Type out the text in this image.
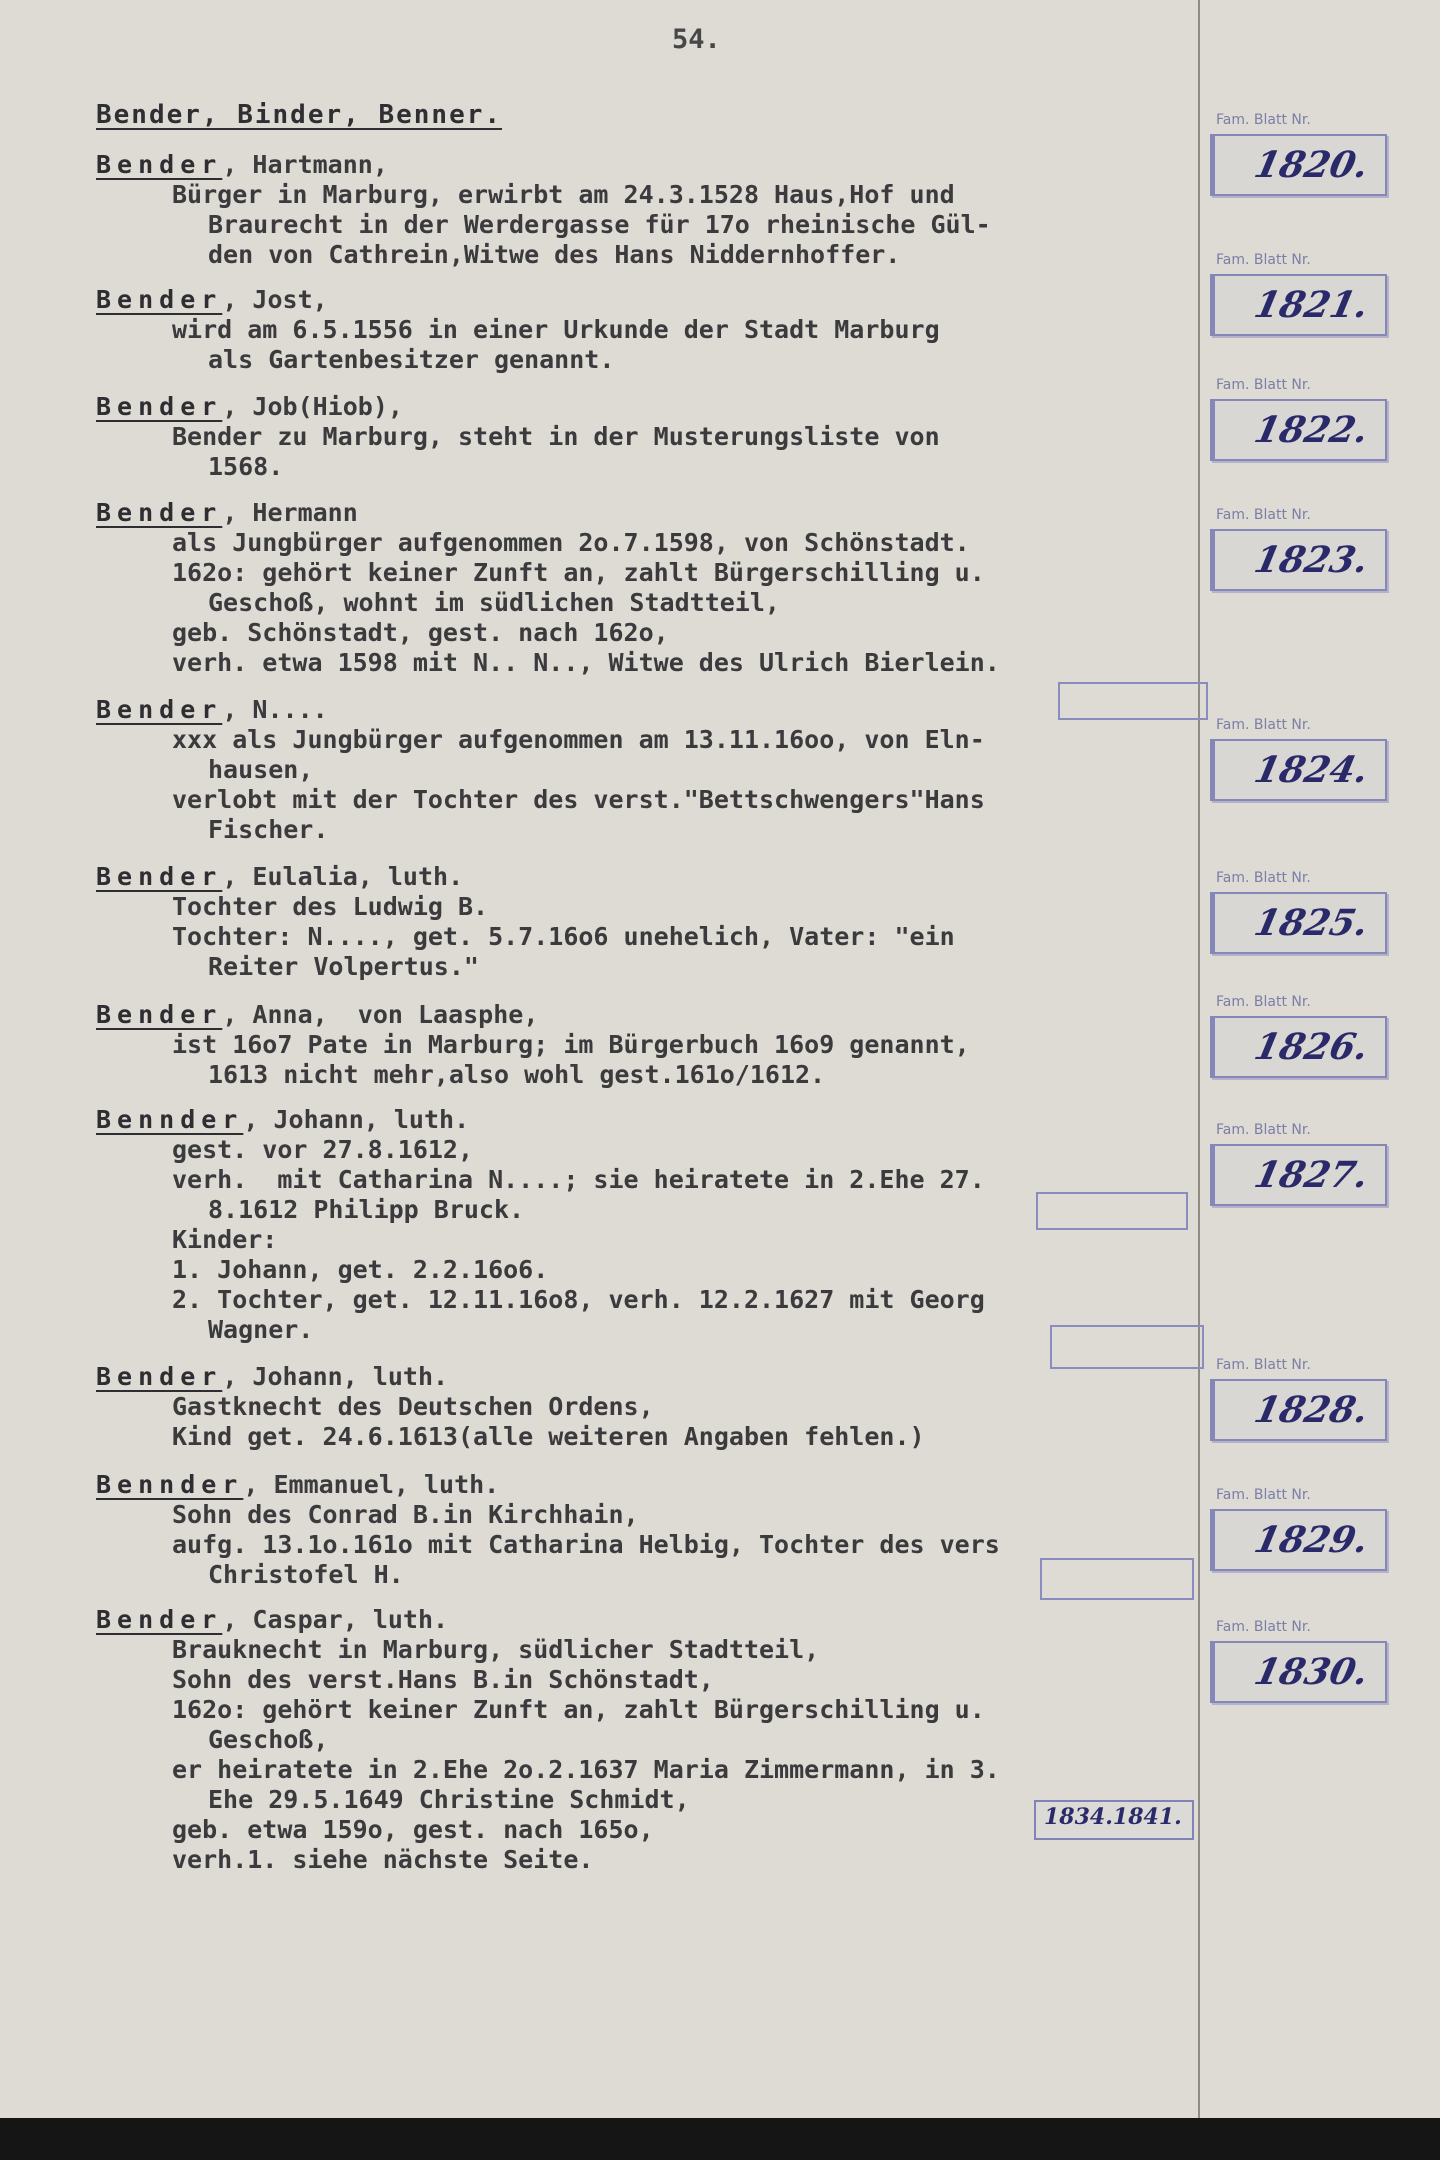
54.
Bender, Binder, Benner.
Bender, Hartmann,
Bürger in Marburg, erwirbt am 24.3.1528 Haus,Hof und
Braurecht in der Werdergasse für 17o rheinische Gül-
den von Cathrein,Witwe des Hans Niddernhoffer.
Bender, Jost,
wird am 6.5.1556 in einer Urkunde der Stadt Marburg
als Gartenbesitzer genannt.
Bender, Job(Hiob),
Bender zu Marburg, steht in der Musterungsliste von
1568.
Bender, Hermann
als Jungbürger aufgenommen 2o.7.1598, von Schönstadt.
162o: gehört keiner Zunft an, zahlt Bürgerschilling u.
Geschoß, wohnt im südlichen Stadtteil,
geb. Schönstadt, gest. nach 162o,
verh. etwa 1598 mit N.. N.., Witwe des Ulrich Bierlein.
Bender, N....
xxx als Jungbürger aufgenommen am 13.11.16oo, von Eln-
hausen,
verlobt mit der Tochter des verst."Bettschwengers"Hans
Fischer.
Bender, Eulalia, luth.
Tochter des Ludwig B.
Tochter: N...., get. 5.7.16o6 unehelich, Vater: "ein
Reiter Volpertus."
Bender, Anna,  von Laasphe,
ist 16o7 Pate in Marburg; im Bürgerbuch 16o9 genannt,
1613 nicht mehr,also wohl gest.161o/1612.
Bennder, Johann, luth.
gest. vor 27.8.1612,
verh.  mit Catharina N....; sie heiratete in 2.Ehe 27.
8.1612 Philipp Bruck.
Kinder:
1. Johann, get. 2.2.16o6.
2. Tochter, get. 12.11.16o8, verh. 12.2.1627 mit Georg
Wagner.
Bender, Johann, luth.
Gastknecht des Deutschen Ordens,
Kind get. 24.6.1613(alle weiteren Angaben fehlen.)
Bennder, Emmanuel, luth.
Sohn des Conrad B.in Kirchhain,
aufg. 13.1o.161o mit Catharina Helbig, Tochter des vers
Christofel H.
Bender, Caspar, luth.
Brauknecht in Marburg, südlicher Stadtteil,
Sohn des verst.Hans B.in Schönstadt,
162o: gehört keiner Zunft an, zahlt Bürgerschilling u.
Geschoß,
er heiratete in 2.Ehe 2o.2.1637 Maria Zimmermann, in 3.
Ehe 29.5.1649 Christine Schmidt,
geb. etwa 159o, gest. nach 165o,
verh.1. siehe nächste Seite.
1834.1841.
Fam. Blatt Nr.
1820.
Fam. Blatt Nr.
1821.
Fam. Blatt Nr.
1822.
Fam. Blatt Nr.
1823.
Fam. Blatt Nr.
1824.
Fam. Blatt Nr.
1825.
Fam. Blatt Nr.
1826.
Fam. Blatt Nr.
1827.
Fam. Blatt Nr.
1828.
Fam. Blatt Nr.
1829.
Fam. Blatt Nr.
1830.
